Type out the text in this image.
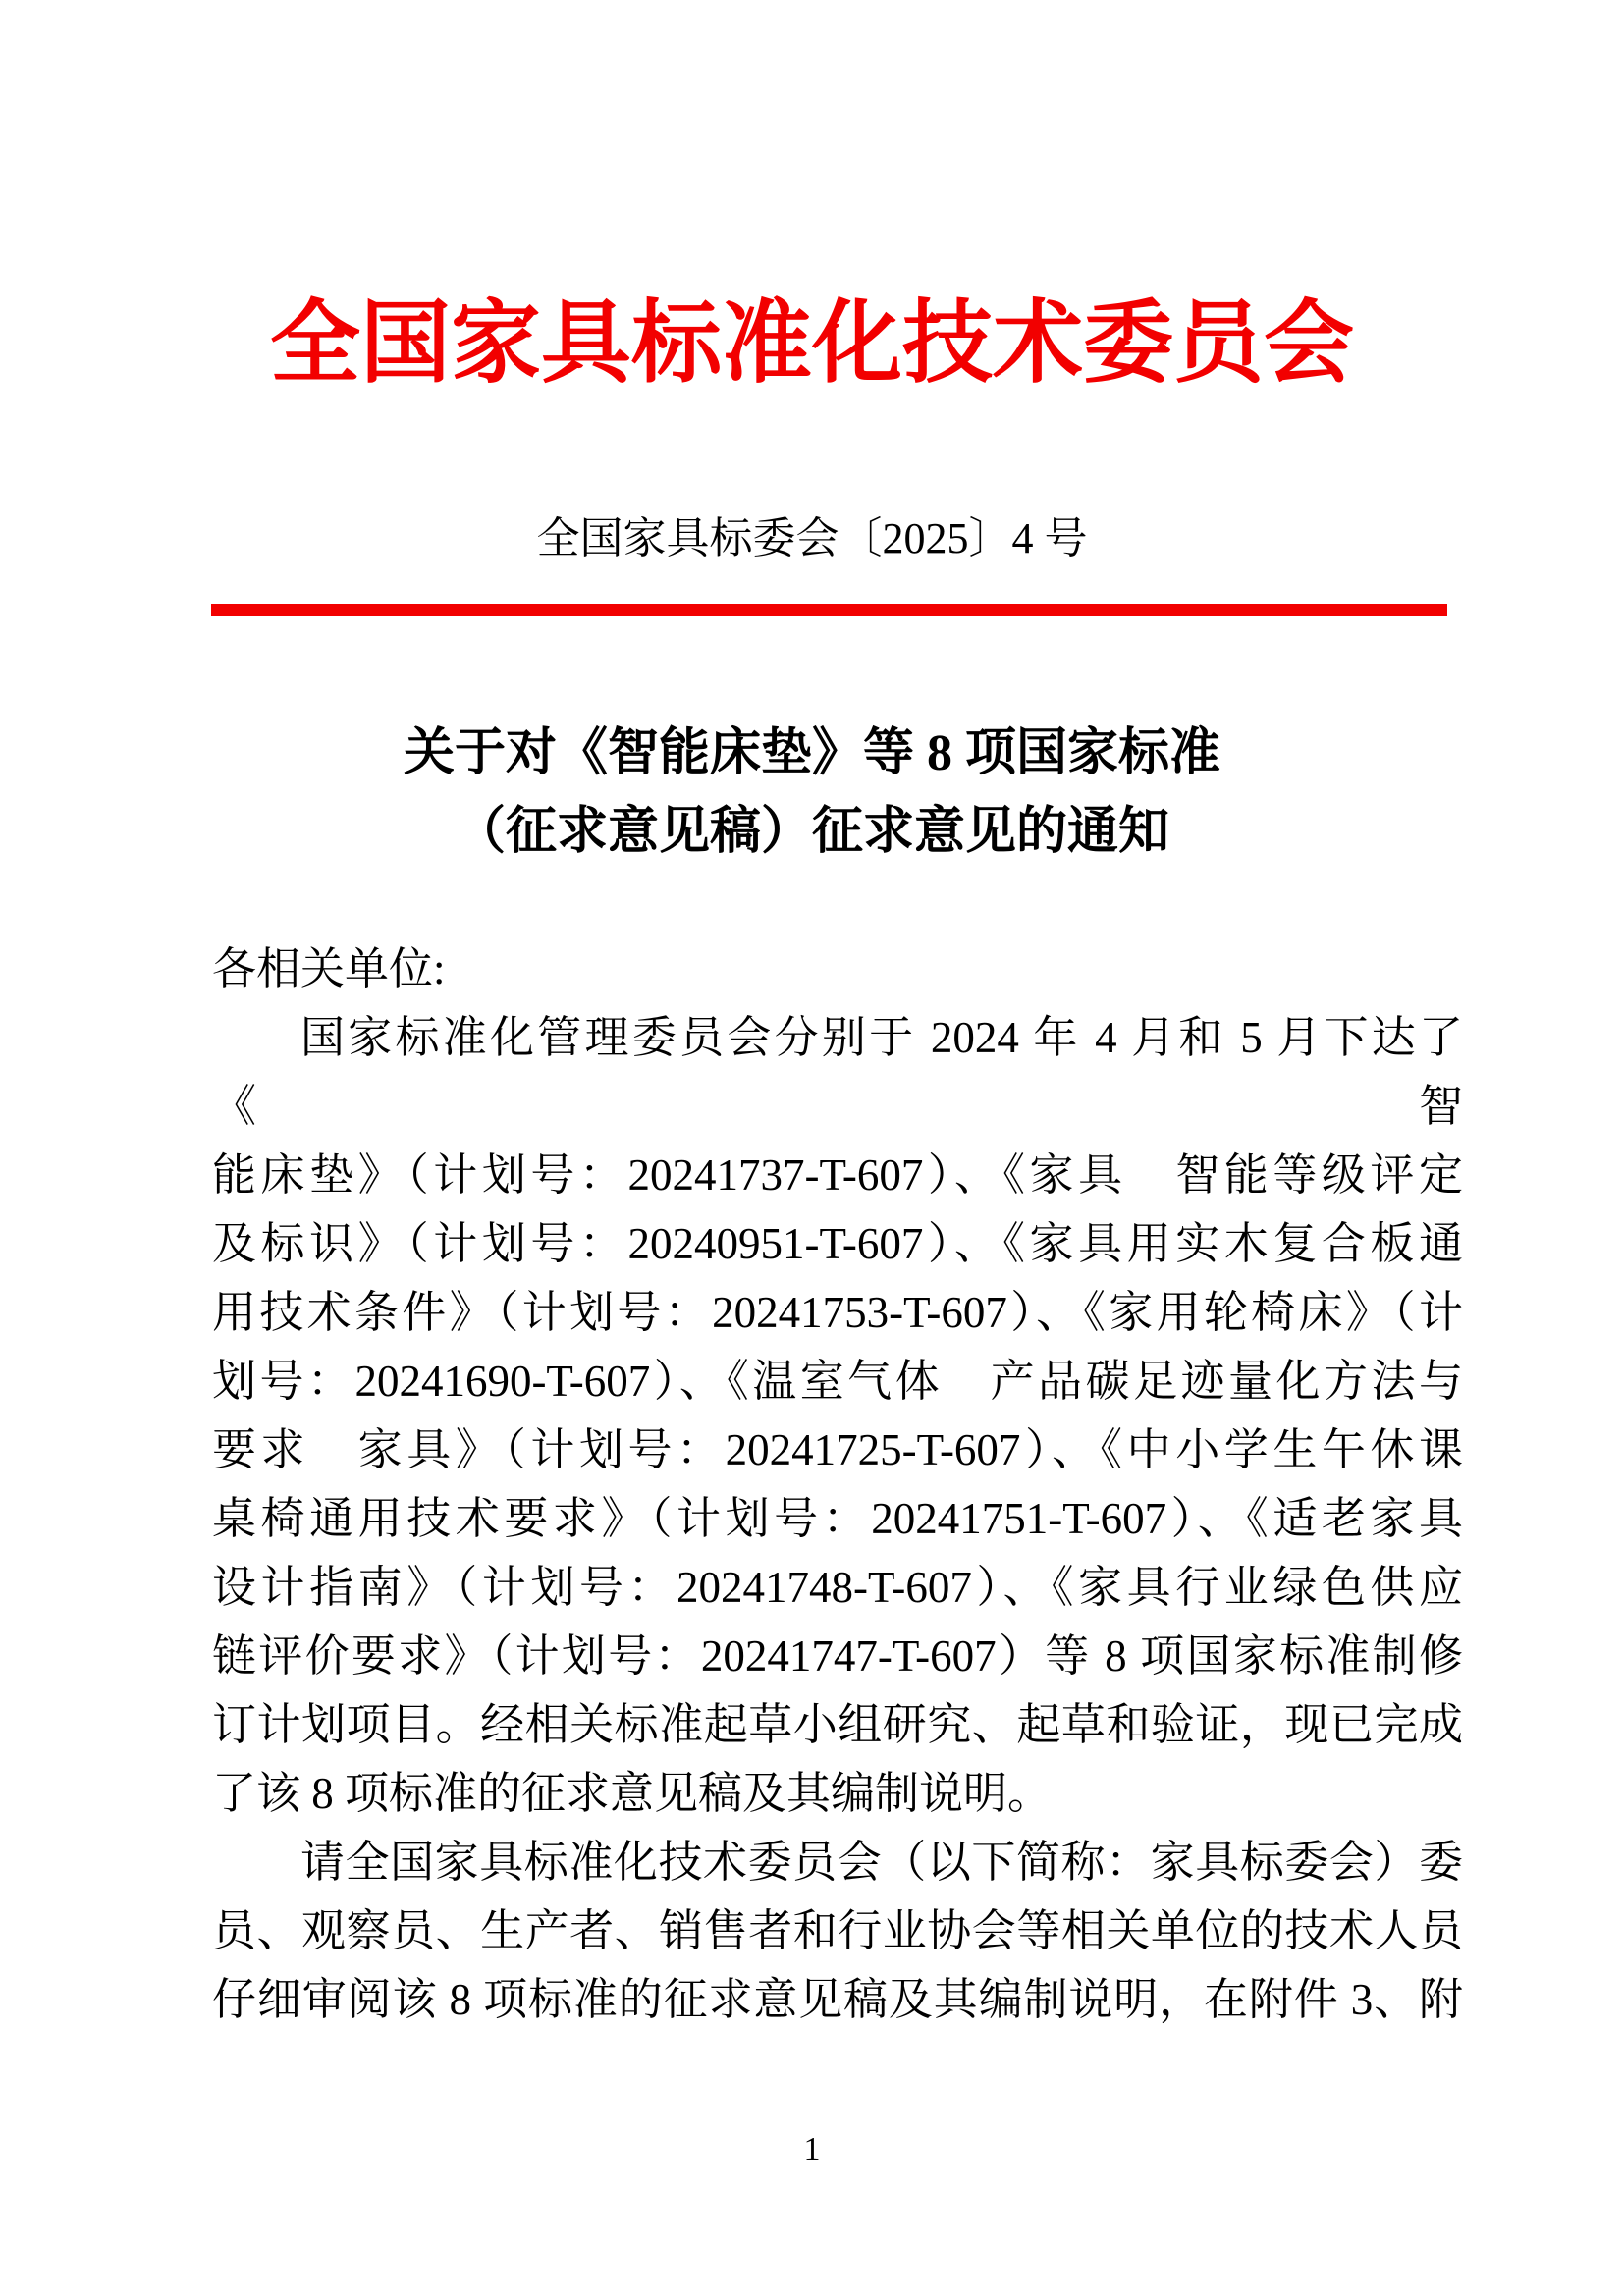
全国家具标准化技术委员会
全国家具标委会〔2025〕4 号
关于对《智能床垫》等 8 项国家标准
（征求意见稿）征求意见的通知
各相关单位:
国家标准化管理委员会分别于 2024 年 4 月和 5 月下达了《智
能床垫》（计划号：20241737-T-607）、《家具　智能等级评定
及标识》（计划号：20240951-T-607）、《家具用实木复合板通
用技术条件》（计划号：20241753-T-607）、《家用轮椅床》（计
划号：20241690-T-607）、《温室气体　产品碳足迹量化方法与
要求　家具》（计划号：20241725-T-607）、《中小学生午休课
桌椅通用技术要求》（计划号：20241751-T-607）、《适老家具
设计指南》（计划号：20241748-T-607）、《家具行业绿色供应
链评价要求》（计划号：20241747-T-607）等 8 项国家标准制修
订计划项目。经相关标准起草小组研究、起草和验证，现已完成
了该 8 项标准的征求意见稿及其编制说明。
请全国家具标准化技术委员会（以下简称：家具标委会）委
员、观察员、生产者、销售者和行业协会等相关单位的技术人员
仔细审阅该 8 项标准的征求意见稿及其编制说明，在附件 3、附
1
